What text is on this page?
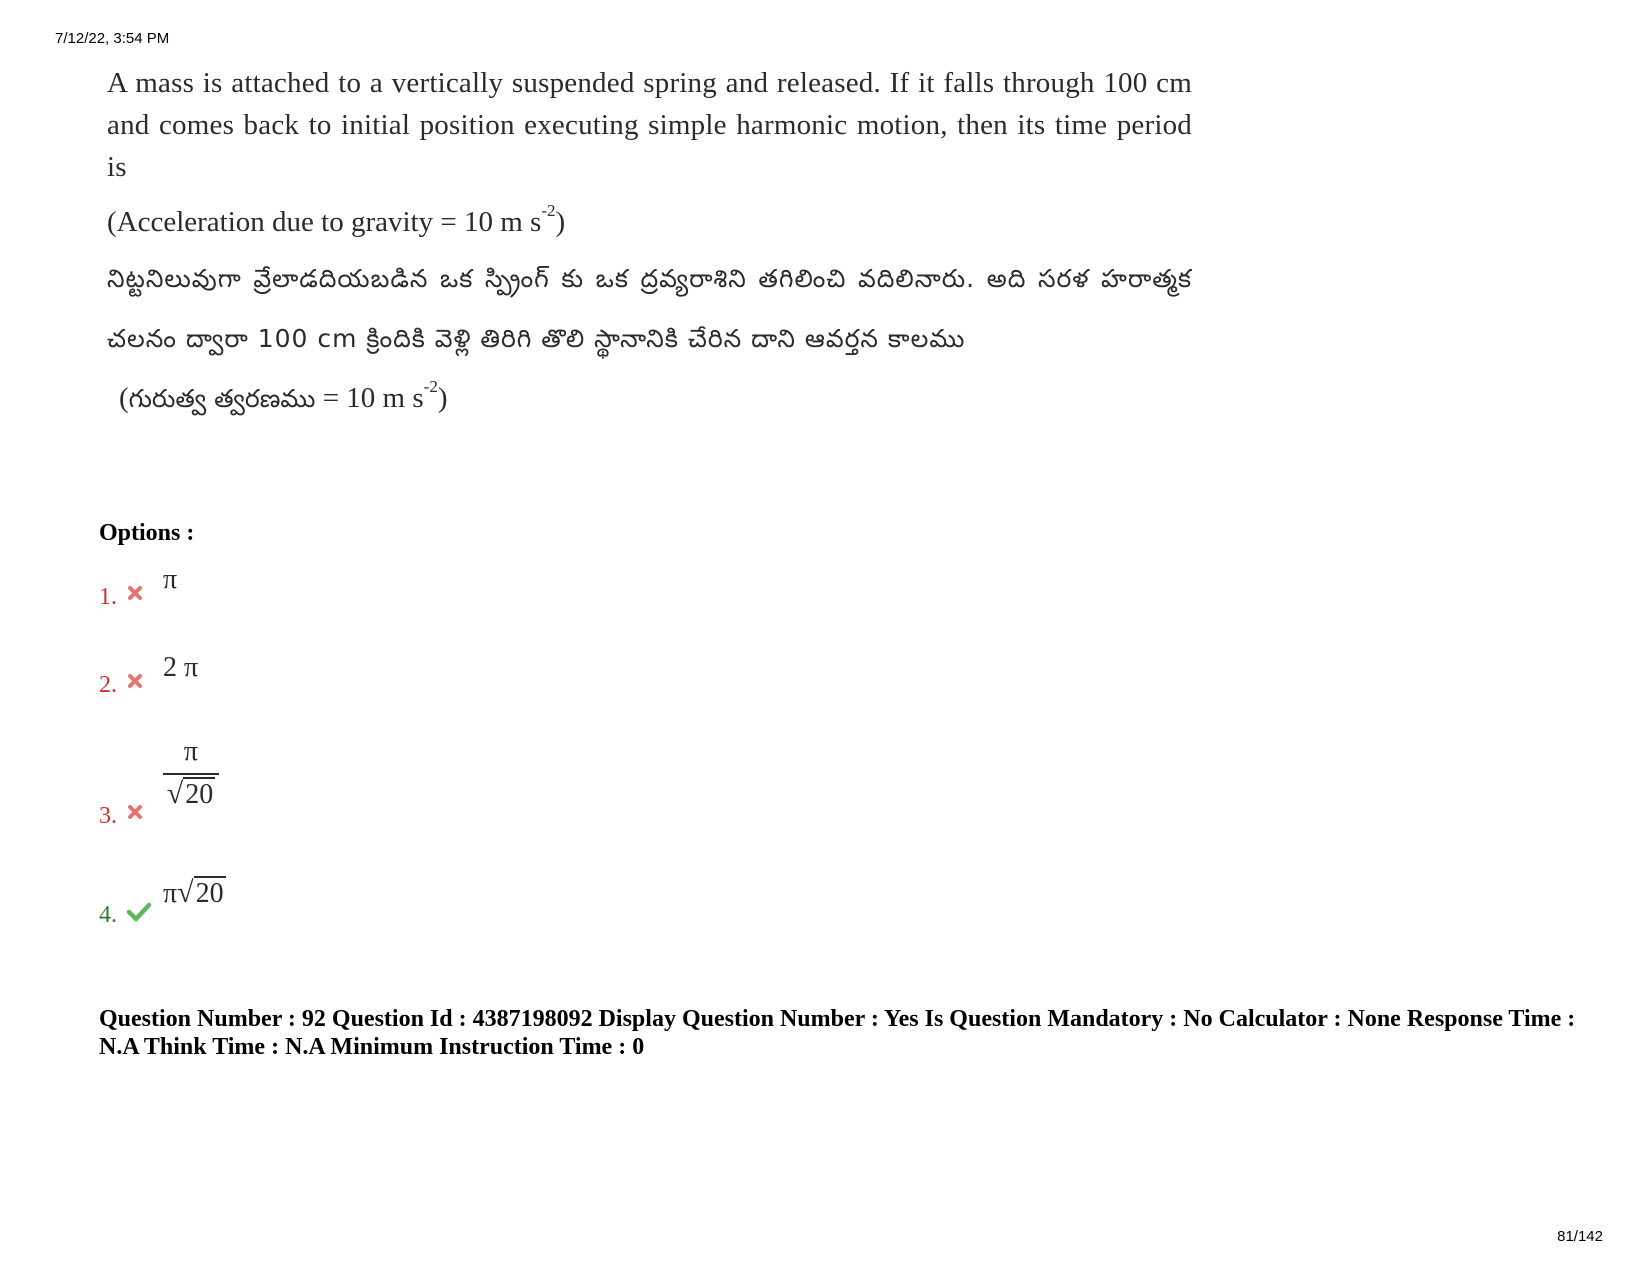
7/12/22, 3:54 PM

A mass is attached to a vertically suspended spring and released. If it falls through 100 cm and comes back to initial position executing simple harmonic motion, then its time period is

(Acceleration due to gravity = 10 m $s^{-2}$)

నిట్టనిలువుగా వ్రేలాడదియబడిన ఒక స్ప్రింగ్ కు ఒక ద్రవ్యరాశిని తగిలించి వదిలినారు. అది సరళ హరాత్మక చలనం ద్వారా 100 cm క్రిందికి వెళ్లి తిరిగి తొలి స్థానానికి చేరిన దాని ఆవర్తన కాలము

(గురుత్వ త్వరణము = 10 m $s^{-2}$)

Options :
1.
π
2.
2 π
3.
π
√20
4.
π√20
Question Number : 92 Question Id : 4387198092 Display Question Number : Yes Is Question Mandatory : No Calculator : None Response Time : N.A Think Time : N.A Minimum Instruction Time : 0
81/142
